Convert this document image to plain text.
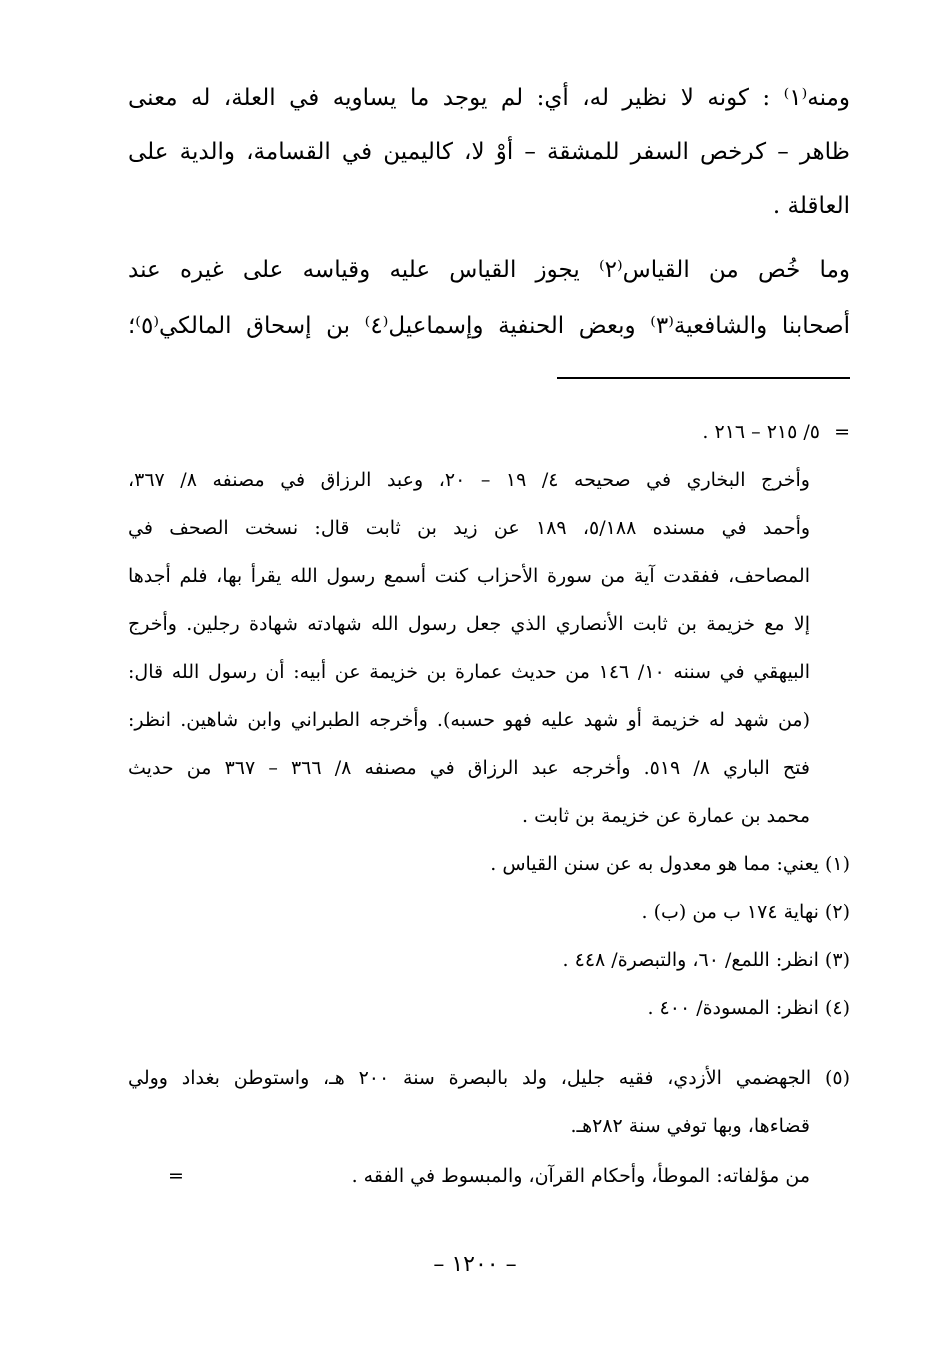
ومنه⁽١⁾ : كونه لا نظير له، أي: لم يوجد ما يساويه في العلة، له معنى
ظاهر – كرخص السفر للمشقة – أوْ لا، كاليمين في القسامة، والدية على
العاقلة .
وما خُص من القياس⁽٢⁾ يجوز القياس عليه وقياسه على غيره عند
أصحابنا والشافعية⁽٣⁾ وبعض الحنفية وإسماعيل⁽٤⁾ بن إسحاق المالكي⁽٥⁾؛
=
٥/ ٢١٥ – ٢١٦ .
وأخرج البخاري في صحيحه ٤/ ١٩ – ٢٠، وعبد الرزاق في مصنفه ٨/ ٣٦٧،
وأحمد في مسنده ٥/١٨٨، ١٨٩ عن زيد بن ثابت قال: نسخت الصحف في
المصاحف، ففقدت آية من سورة الأحزاب كنت أسمع رسول الله يقرأ بها، فلم أجدها
إلا مع خزيمة بن ثابت الأنصاري الذي جعل رسول الله شهادته شهادة رجلين. وأخرج
البيهقي في سننه ١٠/ ١٤٦ من حديث عمارة بن خزيمة عن أبيه: أن رسول الله قال:
(من شهد له خزيمة أو شهد عليه فهو حسبه). وأخرجه الطبراني وابن شاهين. انظر:
فتح الباري ٨/ ٥١٩. وأخرجه عبد الرزاق في مصنفه ٨/ ٣٦٦ – ٣٦٧ من حديث
محمد بن عمارة عن خزيمة بن ثابت .
(١) يعني: مما هو معدول به عن سنن القياس .
(٢) نهاية ١٧٤ ب من (ب) .
(٣) انظر: اللمع/ ٦٠، والتبصرة/ ٤٤٨ .
(٤) انظر: المسودة/ ٤٠٠ .
(٥) الجهضمي الأزدي، فقيه جليل، ولد بالبصرة سنة ٢٠٠ هـ، واستوطن بغداد وولي
قضاءها، وبها توفي سنة ٢٨٢هـ.
من مؤلفاته: الموطأ، وأحكام القرآن، والمبسوط في الفقه .
=
– ١٢٠٠ –
